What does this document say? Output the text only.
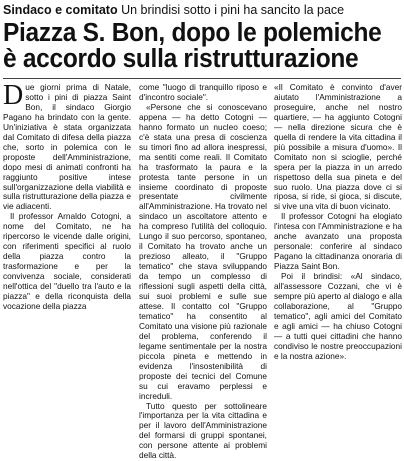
Sindaco e comitato Un brindisi sotto i pini ha sancito la pace
Piazza S. Bon, dopo le polemiche
è accordo sulla ristrutturazione

Due giorni prima di Natale, sotto i pini di piazza Saint Bon, il sindaco Giorgio Pagano ha brindato con la gente. Un'iniziativa è stata organizzata dal Comitato di difesa della piazza che, sorto in polemica con le proposte dell'Amministrazione, dopo mesi di animati confronti ha raggiunto positive intese sull'organizzazione della viabilità e sulla ristrutturazione della piazza e vie adiacenti.

Il professor Arnaldo Cotogni, a nome del Comitato, ne ha ripercorso le vicende dalle origini, con riferimenti specifici al ruolo della piazza contro la trasformazione e per la convivenza sociale, considerati nell'ottica del "duello tra l'auto e la piazza" e della riconquista della vocazione della piazza

come "luogo di tranquillo riposo e d'incontro sociale".

«Persone che si conoscevano appena — ha detto Cotogni — hanno formato un nucleo coeso; c'è stata una presa di coscienza su timori fino ad allora inespressi, ma sentiti come reali. Il Comitato ha trasformato la paura e la protesta tante persone in un insieme coordinato di proposte presentate civilmente all'Amministrazione. Ha trovato nel sindaco un ascoltatore attento e ha compreso l'utilità del colloquio. Lungo il suo percorso, spontaneo, il Comitato ha trovato anche un prezioso alleato, il "Gruppo tematico" che stava sviluppando da tempo un complesso di riflessioni sugli aspetti della città, sui suoi problemi e sulle sue attese. Il contatto col "Gruppo tematico" ha consentito al Comitato una visione più razionale del problema, conferendo il legame sentimentale per la nostra piccola pineta e mettendo in evidenza l'insostenibilità di proposte dei tecnici del Comune su cui eravamo perplessi e increduli.

Tutto questo per sottolineare l'importanza per la vita cittadina e per il lavoro dell'Amministrazione del formarsi di gruppi spontanei, con persone attente ai problemi della città.

«Il Comitato è convinto d'aver aiutato l'Amministrazione a proseguire, anche nel nostro quartiere, — ha aggiunto Cotogni — nella direzione sicura che è quella di rendere la vita cittadina il più possibile a misura d'uomo». Il Comitato non si scioglie, perché spera per la piazza in un arredo rispettoso della sua pineta e del suo ruolo. Una piazza dove ci si riposa, si ride, si gioca, si discute, si vive una vita di buon vicinato.

Il professor Cotogni ha elogiato l'intesa con l'Amministrazione e ha anche avanzato una proposta personale: conferire al sindaco Pagano la cittadinanza onoraria di Piazza Saint Bon.

Poi il brindisi: «Al sindaco, all'assessore Cozzani, che vi è sempre più aperto al dialogo e alla collaborazione, al "Gruppo tematico", agli amici del Comitato e agli amici — ha chiuso Cotogni — a tutti quei cittadini che hanno condiviso le nostre preoccupazioni e la nostra azione».
